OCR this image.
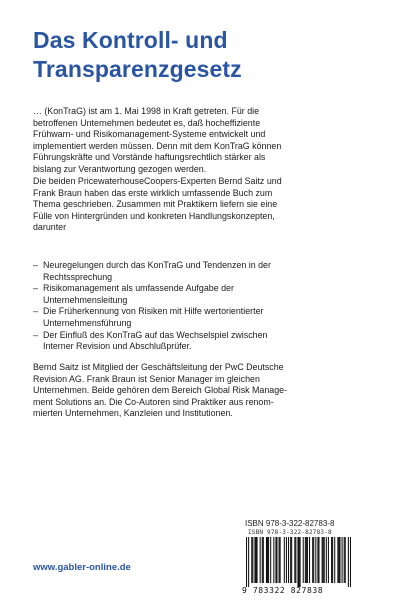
Das Kontroll- und
Transparenzgesetz
… (KonTraG) ist am 1. Mai 1998 in Kraft getreten. Für die
betroffenen Unternehmen bedeutet es, daß hocheffiziente
Frühwarn- und Risikomanagement-Systeme entwickelt und
implementiert werden müssen. Denn mit dem KonTraG können
Führungskräfte und Vorstände haftungsrechtlich stärker als
bislang zur Verantwortung gezogen werden.
Die beiden PricewaterhouseCoopers-Experten Bernd Saitz und
Frank Braun haben das erste wirklich umfassende Buch zum
Thema geschrieben. Zusammen mit Praktikern liefern sie eine
Fülle von Hintergründen und konkreten Handlungskonzepten,
darunter
– Neuregelungen durch das KonTraG und Tendenzen in der
Rechtssprechung
– Risikomanagement als umfassende Aufgabe der
Unternehmensleitung
– Die Früherkennung von Risiken mit Hilfe wertorientierter
Unternehmensführung
– Der Einfluß des KonTraG auf das Wechselspiel zwischen
Interner Revision und Abschlußprüfer.
Bernd Saitz ist Mitglied der Geschäftsleitung der PwC Deutsche
Revision AG. Frank Braun ist Senior Manager im gleichen
Unternehmen. Beide gehören dem Bereich Global Risk Manage-
ment Solutions an. Die Co-Autoren sind Praktiker aus renom-
mierten Unternehmen, Kanzleien und Institutionen.
ISBN 978-3-322-82783-8
ISBN 978-3-322-82783-8
9 783322 827838
www.gabler-online.de
